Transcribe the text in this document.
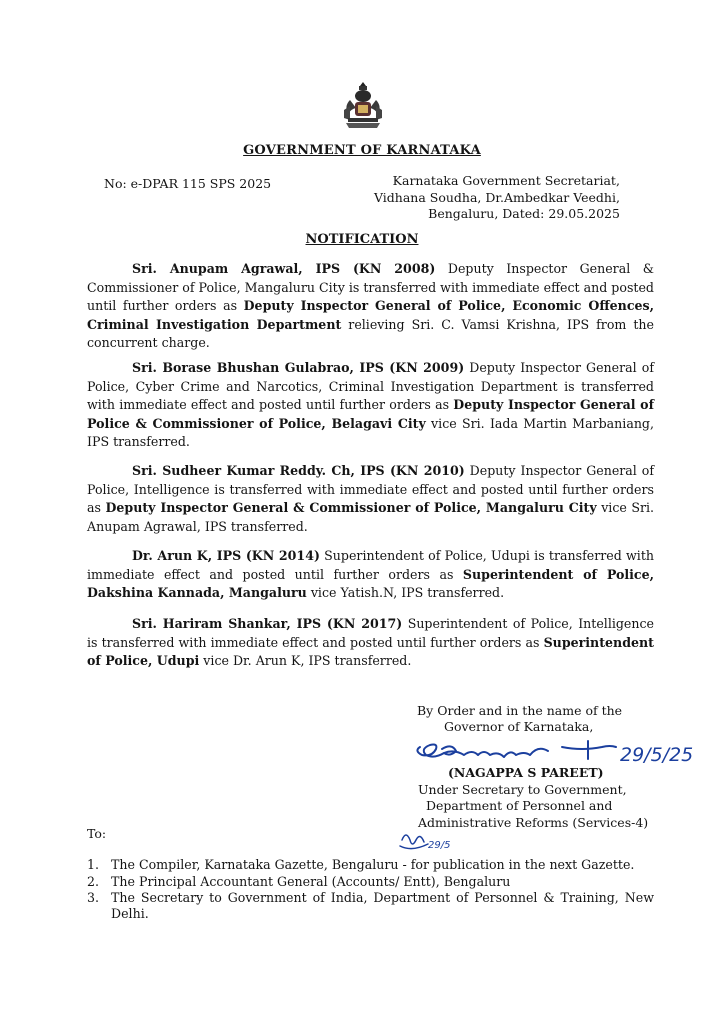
GOVERNMENT OF KARNATAKA
No: e-DPAR 115 SPS 2025	Karnataka Government Secretariat,
Vidhana Soudha, Dr.Ambedkar Veedhi,
Bengaluru, Dated: 29.05.2025
NOTIFICATION

Sri. Anupam Agrawal, IPS (KN 2008) Deputy Inspector General & Commissioner of Police, Mangaluru City is transferred with immediate effect and posted until further orders as Deputy Inspector General of Police, Economic Offences, Criminal Investigation Department relieving Sri. C. Vamsi Krishna, IPS from the concurrent charge.

Sri. Borase Bhushan Gulabrao, IPS (KN 2009) Deputy Inspector General of Police, Cyber Crime and Narcotics, Criminal Investigation Department is transferred with immediate effect and posted until further orders as Deputy Inspector General of Police & Commissioner of Police, Belagavi City vice Sri. Iada Martin Marbaniang, IPS transferred.

Sri. Sudheer Kumar Reddy. Ch, IPS (KN 2010) Deputy Inspector General of Police, Intelligence is transferred with immediate effect and posted until further orders as Deputy Inspector General & Commissioner of Police, Mangaluru City vice Sri. Anupam Agrawal, IPS transferred.

Dr. Arun K, IPS (KN 2014) Superintendent of Police, Udupi is transferred with immediate effect and posted until further orders as Superintendent of Police, Dakshina Kannada, Mangaluru vice Yatish.N, IPS transferred.

Sri. Hariram Shankar, IPS (KN 2017) Superintendent of Police, Intelligence is transferred with immediate effect and posted until further orders as Superintendent of Police, Udupi vice Dr. Arun K, IPS transferred.

By Order and in the name of the
Governor of Karnataka,
29/5/25
(NAGAPPA S PAREET)
Under Secretary to Government,
Department of Personnel and
Administrative Reforms (Services-4)
29/5
To:
1. The Compiler, Karnataka Gazette, Bengaluru - for publication in the next Gazette.
2. The Principal Accountant General (Accounts/ Entt), Bengaluru
3. The Secretary to Government of India, Department of Personnel & Training, New Delhi.
